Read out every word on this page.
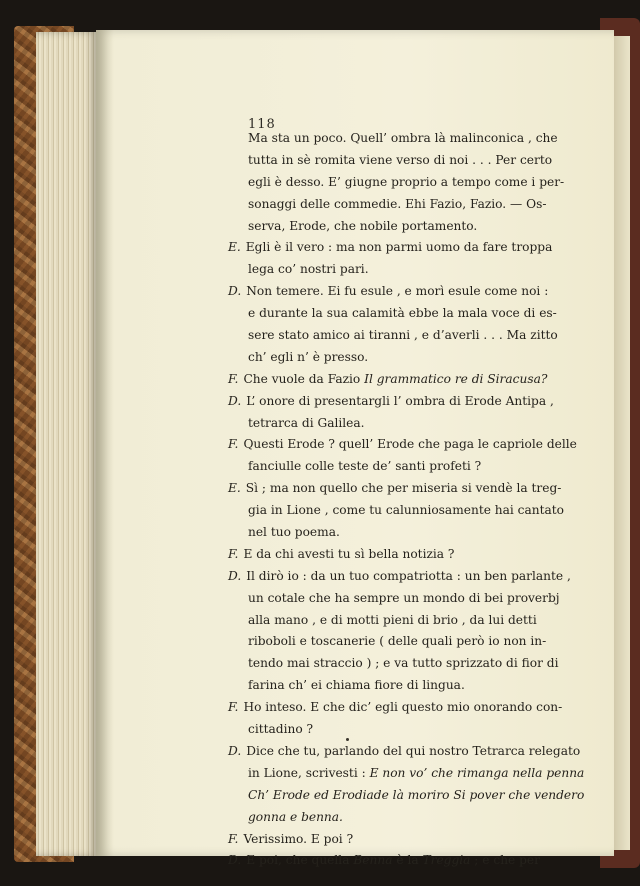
118
Ma sta un poco. Quell’ ombra là malinconica , che
tutta in sè romita viene verso di noi . . . Per certo
egli è desso. E’ giugne proprio a tempo come i per-
sonaggi delle commedie. Ehi Fazio, Fazio. — Os-
serva, Erode, che nobile portamento.
E. Egli è il vero : ma non parmi uomo da fare troppa
lega co’ nostri pari.
D. Non temere. Ei fu esule , e morì esule come noi :
e durante la sua calamità ebbe la mala voce di es-
sere stato amico ai tiranni , e d’averli . . . Ma zitto
ch’ egli n’ è presso.
F. Che vuole da Fazio Il grammatico re di Siracusa?
D. L’ onore di presentargli l’ ombra di Erode Antipa ,
tetrarca di Galilea.
F. Questi Erode ? quell’ Erode che paga le capriole delle
fanciulle colle teste de’ santi profeti ?
E. Sì ; ma non quello che per miseria si vendè la treg-
gia in Lione , come tu calunniosamente hai cantato
nel tuo poema.
F. E da chi avesti tu sì bella notizia ?
D. Il dirò io : da un tuo compatriotta : un ben parlante ,
un cotale che ha sempre un mondo di bei proverbj
alla mano , e di motti pieni di brio , da lui detti
riboboli e toscanerie ( delle quali però io non in-
tendo mai straccio ) ; e va tutto sprizzato di fior di
farina ch’ ei chiama fiore di lingua.
F. Ho inteso. E che dic’ egli questo mio onorando con-
cittadino ?
D. Dice che tu, parlando del qui nostro Tetrarca relegato
in Lione, scrivesti : E non vo’ che rimanga nella penna
Ch’ Erode ed Erodiade là moriro Si pover che vendero
gonna e benna.
F. Verissimo. E poi ?
D. E poi, che quella Benna è la Treggia ; e che per
